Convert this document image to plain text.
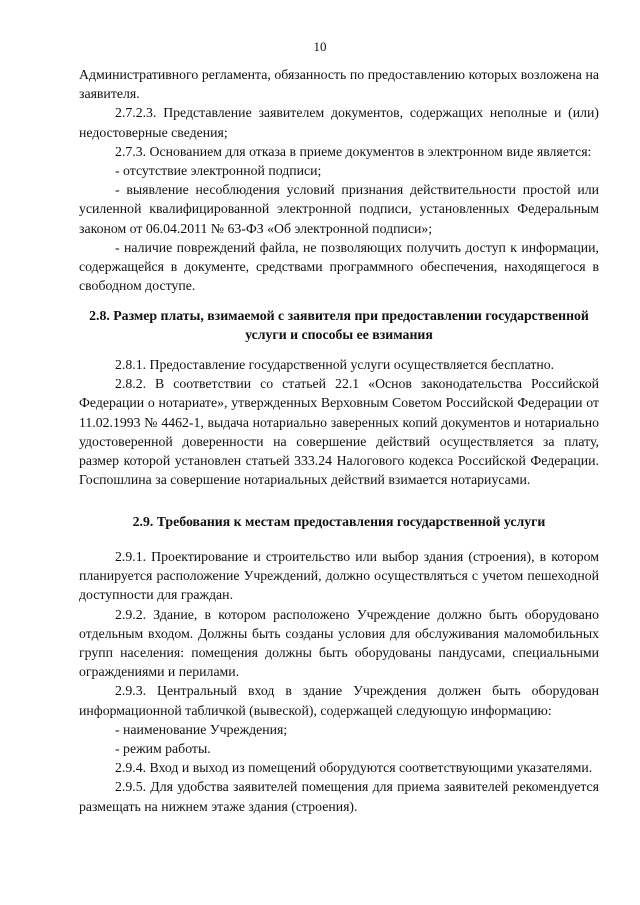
10

Административного регламента, обязанность по предоставлению которых возложена на заявителя.

2.7.2.3. Представление заявителем документов, содержащих неполные и (или) недостоверные сведения;

2.7.3. Основанием для отказа в приеме документов в электронном виде является:

- отсутствие электронной подписи;

- выявление несоблюдения условий признания действительности простой или усиленной квалифицированной электронной подписи, установленных Федеральным законом от 06.04.2011 № 63-ФЗ «Об электронной подписи»;

- наличие повреждений файла, не позволяющих получить доступ к информации, содержащейся в документе, средствами программного обеспечения, находящегося в свободном доступе.

2.8. Размер платы, взимаемой с заявителя при предоставлении государственной услуги и способы ее взимания

2.8.1. Предоставление государственной услуги осуществляется бесплатно.

2.8.2. В соответствии со статьей 22.1 «Основ законодательства Российской Федерации о нотариате», утвержденных Верховным Советом Российской Федерации от 11.02.1993 № 4462-1, выдача нотариально заверенных копий документов и нотариально удостоверенной доверенности на совершение действий осуществляется за плату, размер которой установлен статьей 333.24 Налогового кодекса Российской Федерации. Госпошлина за совершение нотариальных действий взимается нотариусами.

2.9. Требования к местам предоставления государственной услуги

2.9.1. Проектирование и строительство или выбор здания (строения), в котором планируется расположение Учреждений, должно осуществляться с учетом пешеходной доступности для граждан.

2.9.2. Здание, в котором расположено Учреждение должно быть оборудовано отдельным входом. Должны быть созданы условия для обслуживания маломобильных групп населения: помещения должны быть оборудованы пандусами, специальными ограждениями и перилами.

2.9.3. Центральный вход в здание Учреждения должен быть оборудован информационной табличкой (вывеской), содержащей следующую информацию:

- наименование Учреждения;

- режим работы.

2.9.4. Вход и выход из помещений оборудуются соответствующими указателями.

2.9.5. Для удобства заявителей помещения для приема заявителей рекомендуется размещать на нижнем этаже здания (строения).
